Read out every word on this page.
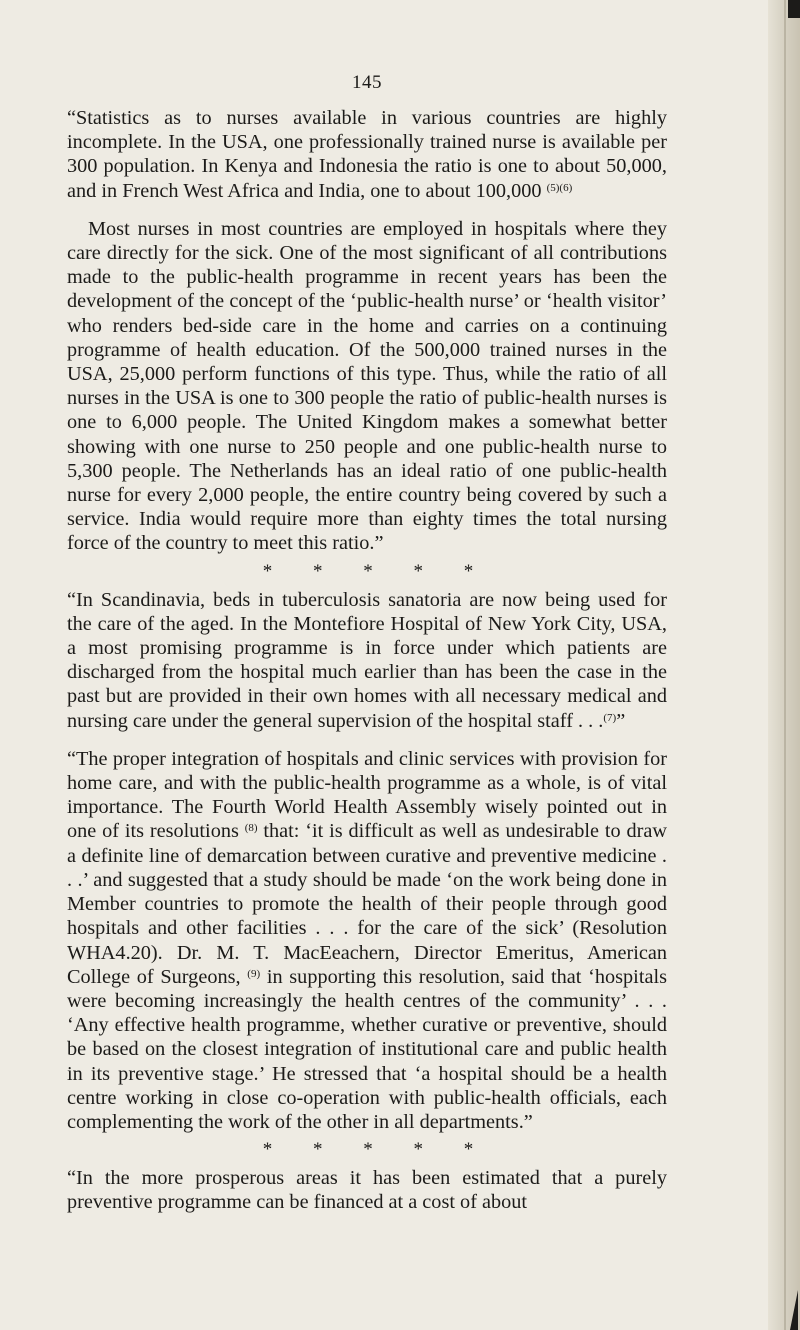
145

“Statistics as to nurses available in various countries are highly incomplete. In the USA, one professionally trained nurse is available per 300 population. In Kenya and Indonesia the ratio is one to about 50,000, and in French West Africa and India, one to about 100,000 $^{(5)(6)}$

Most nurses in most countries are employed in hospitals where they care directly for the sick. One of the most significant of all contributions made to the public-health programme in recent years has been the development of the concept of the ‘public-health nurse’ or ‘health visitor’ who renders bed-side care in the home and carries on a continuing programme of health education. Of the 500,000 trained nurses in the USA, 25,000 perform functions of this type. Thus, while the ratio of all nurses in the USA is one to 300 people the ratio of public-health nurses is one to 6,000 people. The United Kingdom makes a somewhat better showing with one nurse to 250 people and one public-health nurse to 5,300 people. The Netherlands has an ideal ratio of one public-health nurse for every 2,000 people, the entire country being covered by such a service. India would require more than eighty times the total nursing force of the country to meet this ratio.”

* * * * *

“In Scandinavia, beds in tuberculosis sanatoria are now being used for the care of the aged. In the Montefiore Hospital of New York City, USA, a most promising programme is in force under which patients are discharged from the hospital much earlier than has been the case in the past but are provided in their own homes with all necessary medical and nursing care under the general supervision of the hospital staff . . .$^{(7)}$”

“The proper integration of hospitals and clinic services with provision for home care, and with the public-health programme as a whole, is of vital importance. The Fourth World Health Assembly wisely pointed out in one of its resolutions $^{(8)}$ that: ‘it is difficult as well as undesirable to draw a definite line of demarcation between curative and preventive medicine . . .’ and suggested that a study should be made ‘on the work being done in Member countries to promote the health of their people through good hospitals and other facilities . . . for the care of the sick’ (Resolution WHA4.20). Dr. M. T. MacEeachern, Director Emeritus, American College of Surgeons, $^{(9)}$ in supporting this resolution, said that ‘hospitals were becoming increasingly the health centres of the community’ . . . ‘Any effective health programme, whether curative or preventive, should be based on the closest integration of institutional care and public health in its preventive stage.’ He stressed that ‘a hospital should be a health centre working in close co-operation with public-health officials, each complementing the work of the other in all departments.”

* * * * *

“In the more prosperous areas it has been estimated that a purely preventive programme can be financed at a cost of about
